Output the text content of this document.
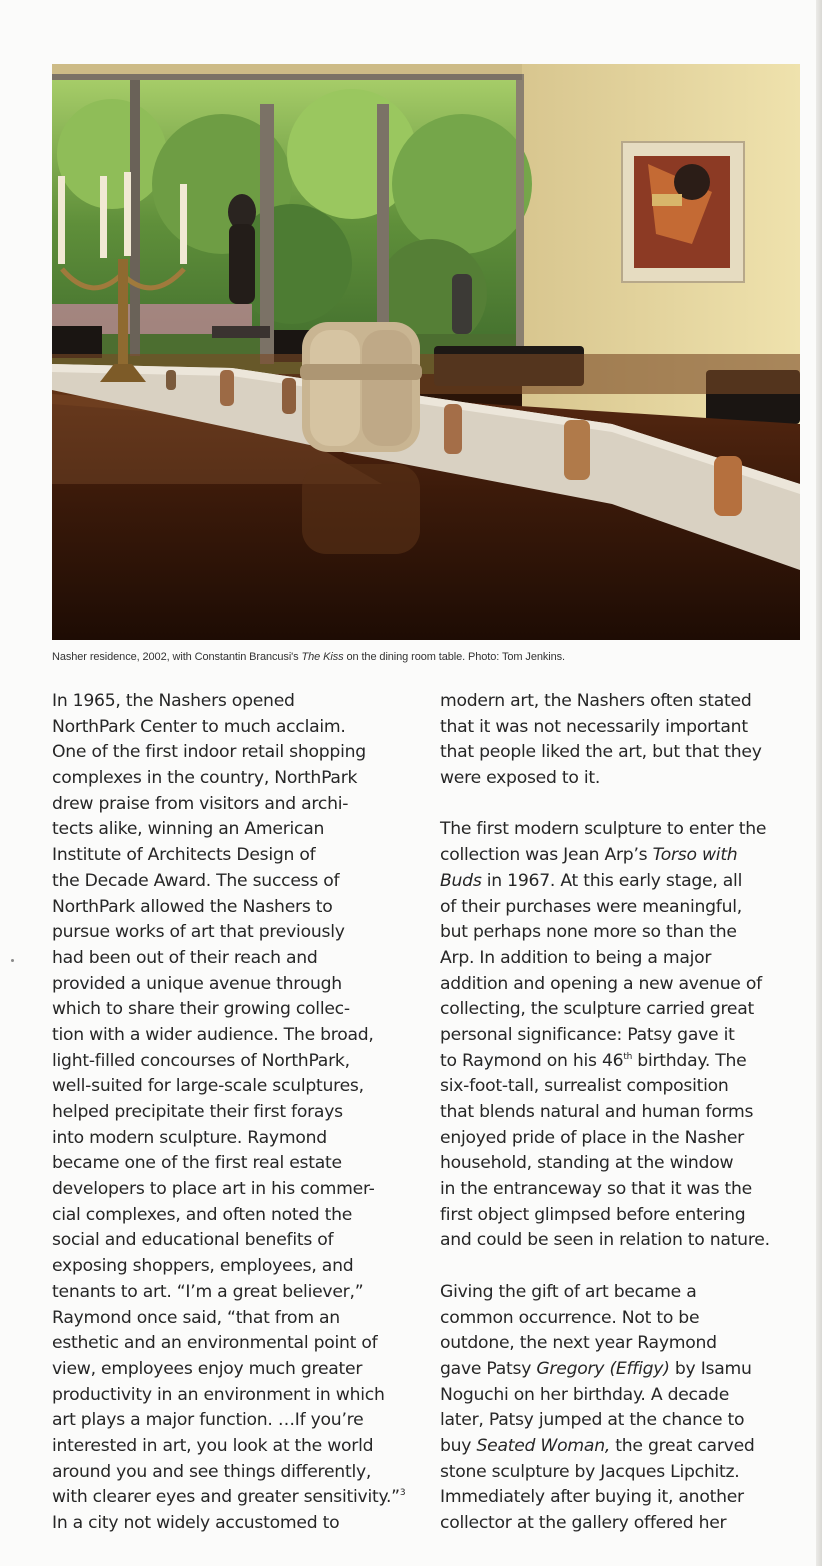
Nasher residence, 2002, with Constantin Brancusi's The Kiss on the dining room table. Photo: Tom Jenkins.
In 1965, the Nashers opened
NorthPark Center to much acclaim.
One of the first indoor retail shopping
complexes in the country, NorthPark
drew praise from visitors and archi-
tects alike, winning an American
Institute of Architects Design of
the Decade Award. The success of
NorthPark allowed the Nashers to
pursue works of art that previously
had been out of their reach and
provided a unique avenue through
which to share their growing collec-
tion with a wider audience. The broad,
light-filled concourses of NorthPark,
well-suited for large-scale sculptures,
helped precipitate their first forays
into modern sculpture. Raymond
became one of the first real estate
developers to place art in his commer-
cial complexes, and often noted the
social and educational benefits of
exposing shoppers, employees, and
tenants to art. “I’m a great believer,”
Raymond once said, “that from an
esthetic and an environmental point of
view, employees enjoy much greater
productivity in an environment in which
art plays a major function. …If you’re
interested in art, you look at the world
around you and see things differently,
with clearer eyes and greater sensitivity.”$^3$
In a city not widely accustomed to
modern art, the Nashers often stated
that it was not necessarily important
that people liked the art, but that they
were exposed to it.
The first modern sculpture to enter the
collection was Jean Arp’s Torso with
Buds in 1967. At this early stage, all
of their purchases were meaningful,
but perhaps none more so than the
Arp. In addition to being a major
addition and opening a new avenue of
collecting, the sculpture carried great
personal significance: Patsy gave it
to Raymond on his 46th birthday. The
six-foot-tall, surrealist composition
that blends natural and human forms
enjoyed pride of place in the Nasher
household, standing at the window
in the entranceway so that it was the
first object glimpsed before entering
and could be seen in relation to nature.
Giving the gift of art became a
common occurrence. Not to be
outdone, the next year Raymond
gave Patsy Gregory (Effigy) by Isamu
Noguchi on her birthday. A decade
later, Patsy jumped at the chance to
buy Seated Woman, the great carved
stone sculpture by Jacques Lipchitz.
Immediately after buying it, another
collector at the gallery offered her
